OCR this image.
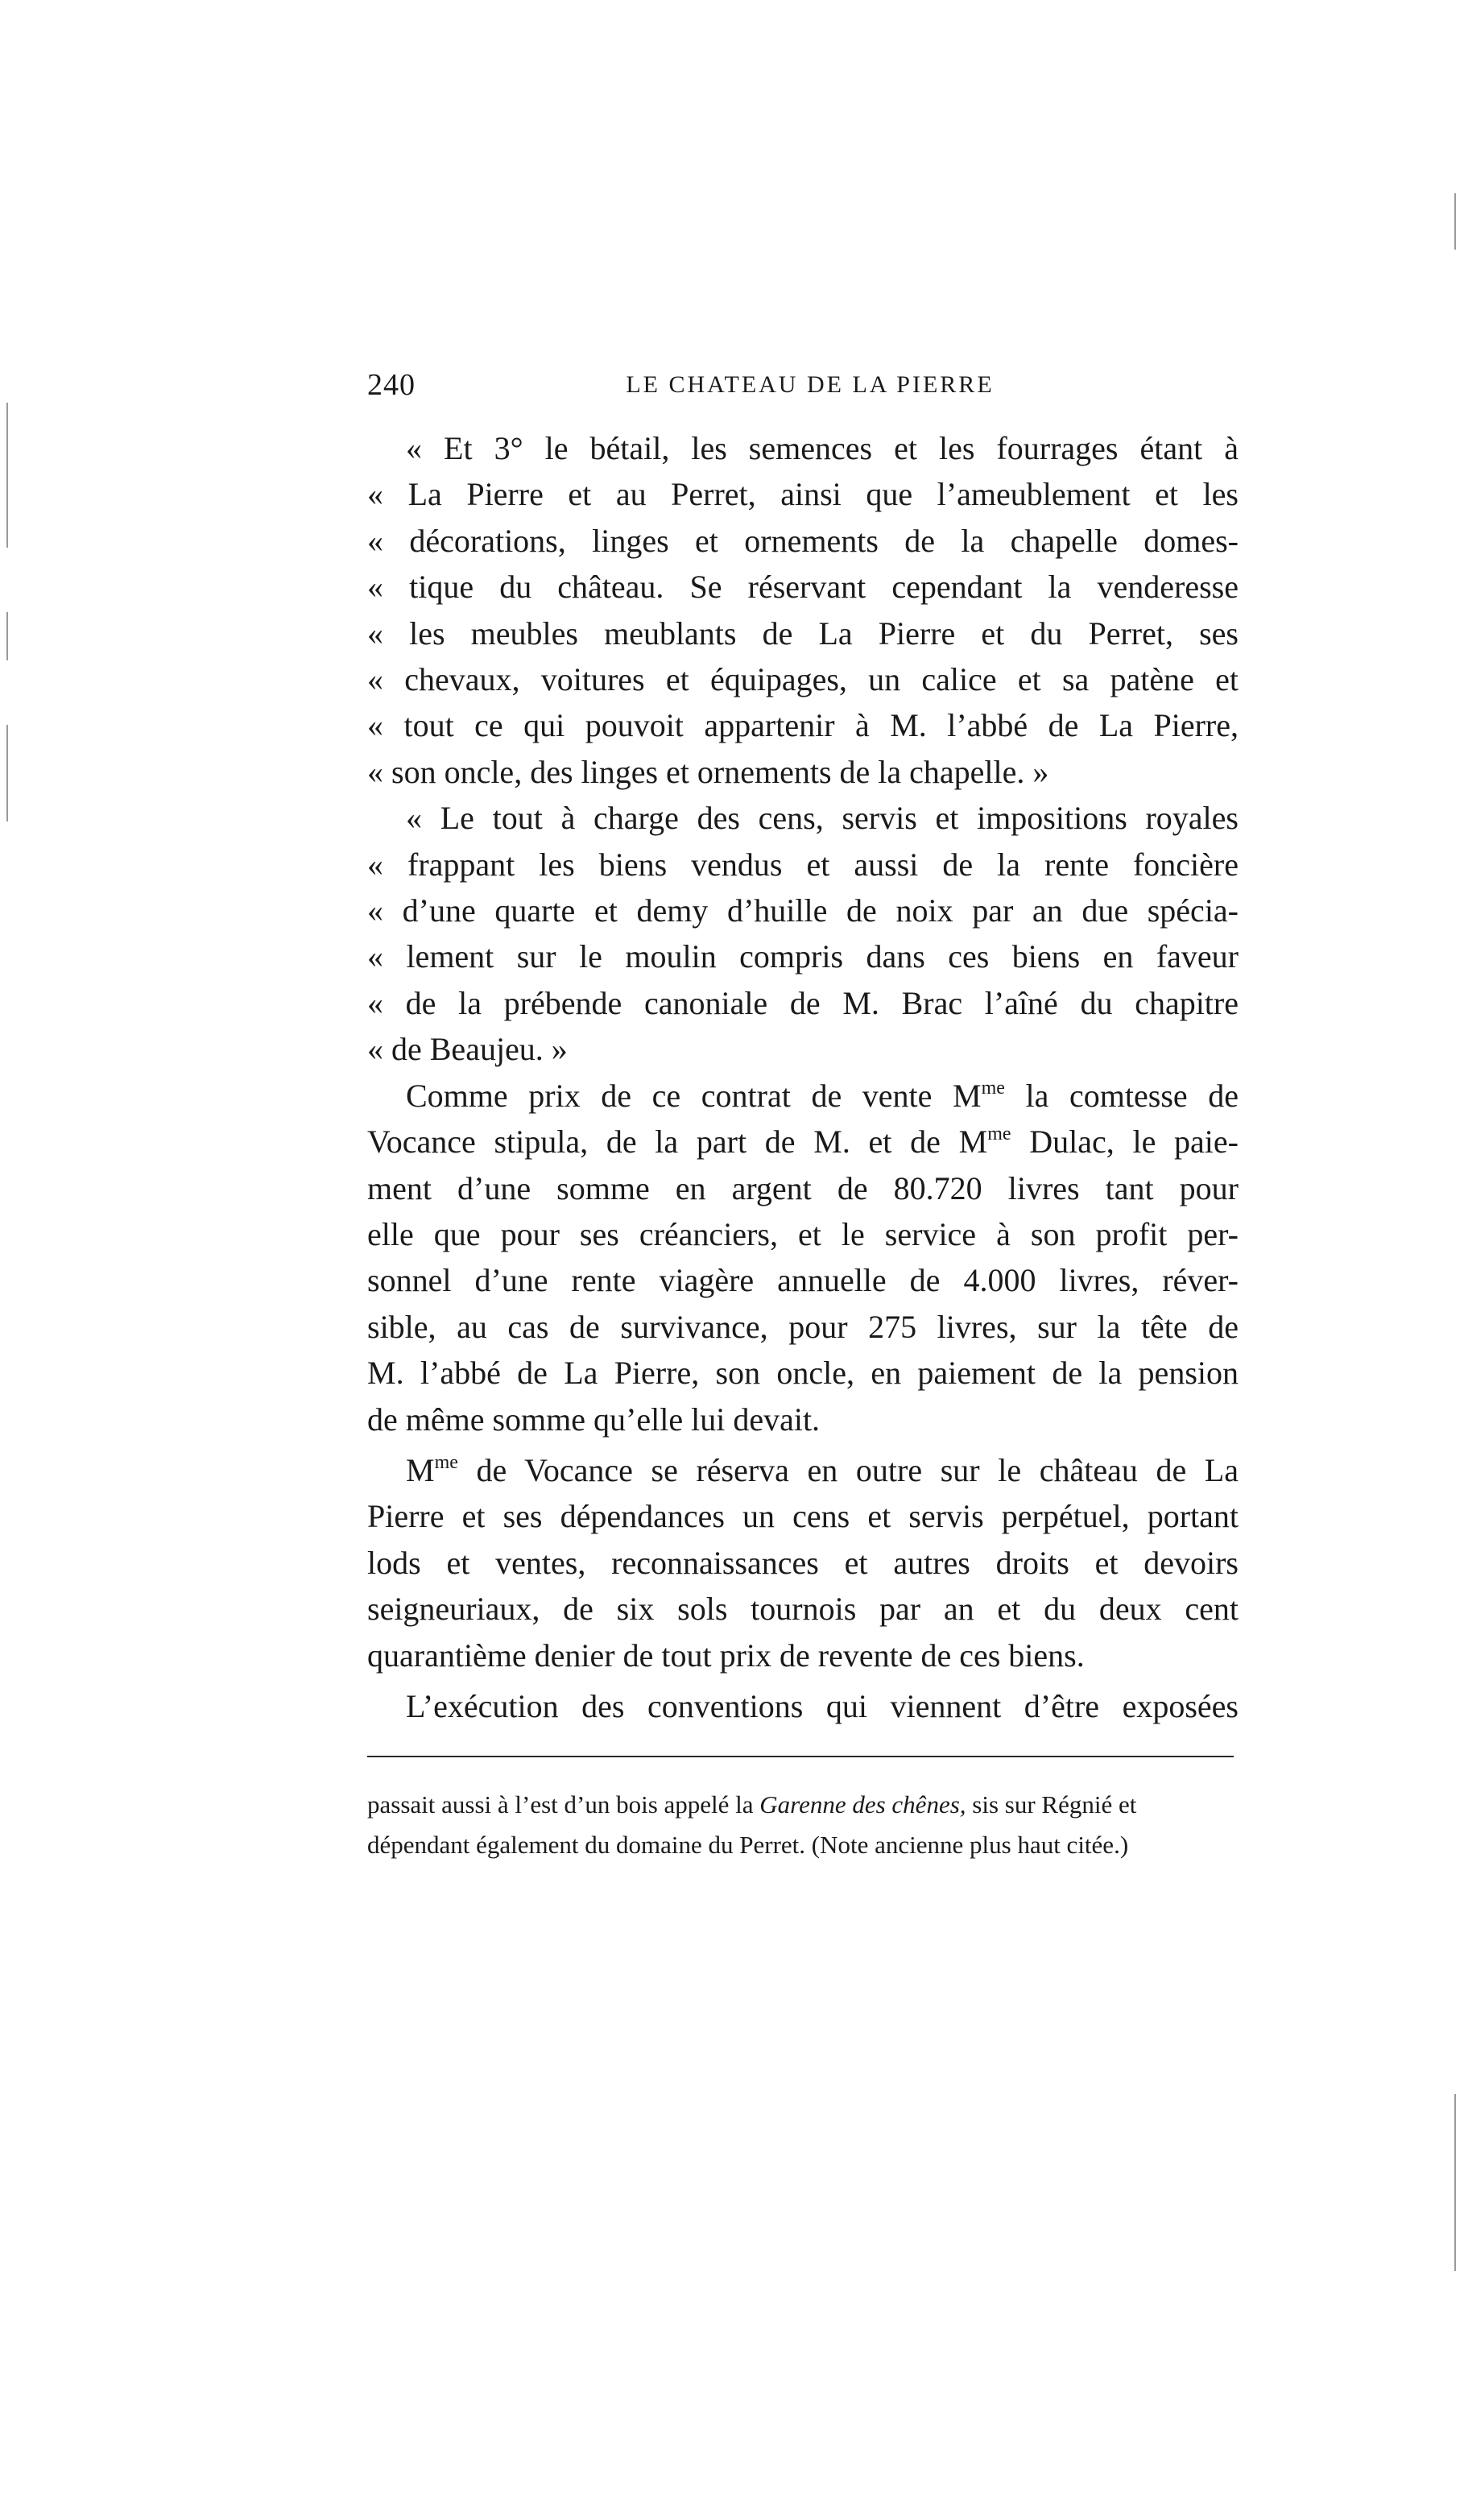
240	LE CHATEAU DE LA PIERRE
« Et 3° le bétail, les semences et les fourrages étant à
« La Pierre et au Perret, ainsi que l’ameublement et les
« décorations, linges et ornements de la chapelle domes-
« tique du château. Se réservant cependant la venderesse
« les meubles meublants de La Pierre et du Perret, ses
« chevaux, voitures et équipages, un calice et sa patène et
« tout ce qui pouvoit appartenir à M. l’abbé de La Pierre,
« son oncle, des linges et ornements de la chapelle. »
« Le tout à charge des cens, servis et impositions royales
« frappant les biens vendus et aussi de la rente foncière
« d’une quarte et demy d’huille de noix par an due spécia-
« lement sur le moulin compris dans ces biens en faveur
« de la prébende canoniale de M. Brac l’aîné du chapitre
« de Beaujeu. »
Comme prix de ce contrat de vente $M^{me}$ la comtesse de
Vocance stipula, de la part de M. et de $M^{me}$ Dulac, le paie-
ment d’une somme en argent de 80.720 livres tant pour
elle que pour ses créanciers, et le service à son profit per-
sonnel d’une rente viagère annuelle de 4.000 livres, réver-
sible, au cas de survivance, pour 275 livres, sur la tête de
M. l’abbé de La Pierre, son oncle, en paiement de la pension
de même somme qu’elle lui devait.
$M^{me}$ de Vocance se réserva en outre sur le château de La
Pierre et ses dépendances un cens et servis perpétuel, portant
lods et ventes, reconnaissances et autres droits et devoirs
seigneuriaux, de six sols tournois par an et du deux cent
quarantième denier de tout prix de revente de ces biens.
L’exécution des conventions qui viennent d’être exposées
passait aussi à l’est d’un bois appelé la Garenne des chênes, sis sur Régnié et dépendant également du domaine du Perret. (Note ancienne plus haut citée.)
